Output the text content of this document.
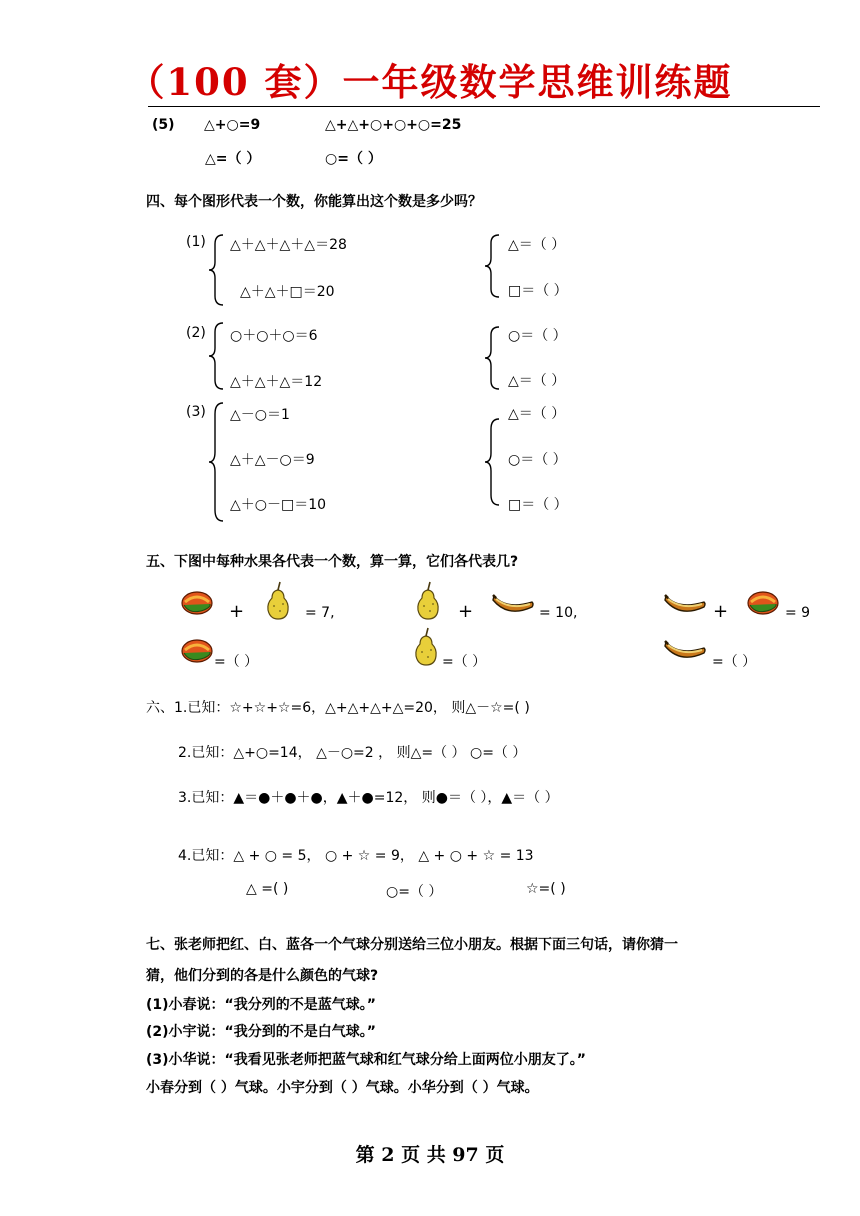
（100 套）一年级数学思维训练题
(5) △+○=9	△+△+○+○+○=25
△=（ ）	○=（ ）
四、每个图形代表一个数，你能算出这个数是多少吗？
(1) △＋△＋△＋△＝28
△＋△＋□＝20
△＝（ ）
□＝（ ）
(2) ○＋○＋○＝6
△＋△＋△＝12
○＝（ ）
△＝（ ）
(3) △－○＝1
△＋△－○＝9
△＋○－□＝10
△＝（ ）
○＝（ ）
□＝（ ）
五、下图中每种水果各代表一个数，算一算，它们各代表几?
+	= 7,	+	= 10,	+	= 9
=（ ）	=（ ）	=（ ）
六、1.已知：☆+☆+☆=6，△+△+△+△=20， 则△－☆=( )
2.已知：△+○=14， △－○=2 ， 则△=（ ） ○=（ ）
3.已知：▲＝●＋●＋●，▲＋●=12， 则●＝（ ），▲＝（ ）
4.已知：△ + ○ = 5， ○ + ☆ = 9， △ + ○ + ☆ = 13
△ =( )	○=（ ）	☆=( )
七、张老师把红、白、蓝各一个气球分别送给三位小朋友。根据下面三句话，请你猜一
猜，他们分到的各是什么颜色的气球?
(1)小春说：“我分列的不是蓝气球。”
(2)小宇说：“我分到的不是白气球。”
(3)小华说：“我看见张老师把蓝气球和红气球分给上面两位小朋友了。”
小春分到（ ）气球。小宇分到（ ）气球。小华分到（ ）气球。
第 2 页 共 97 页
